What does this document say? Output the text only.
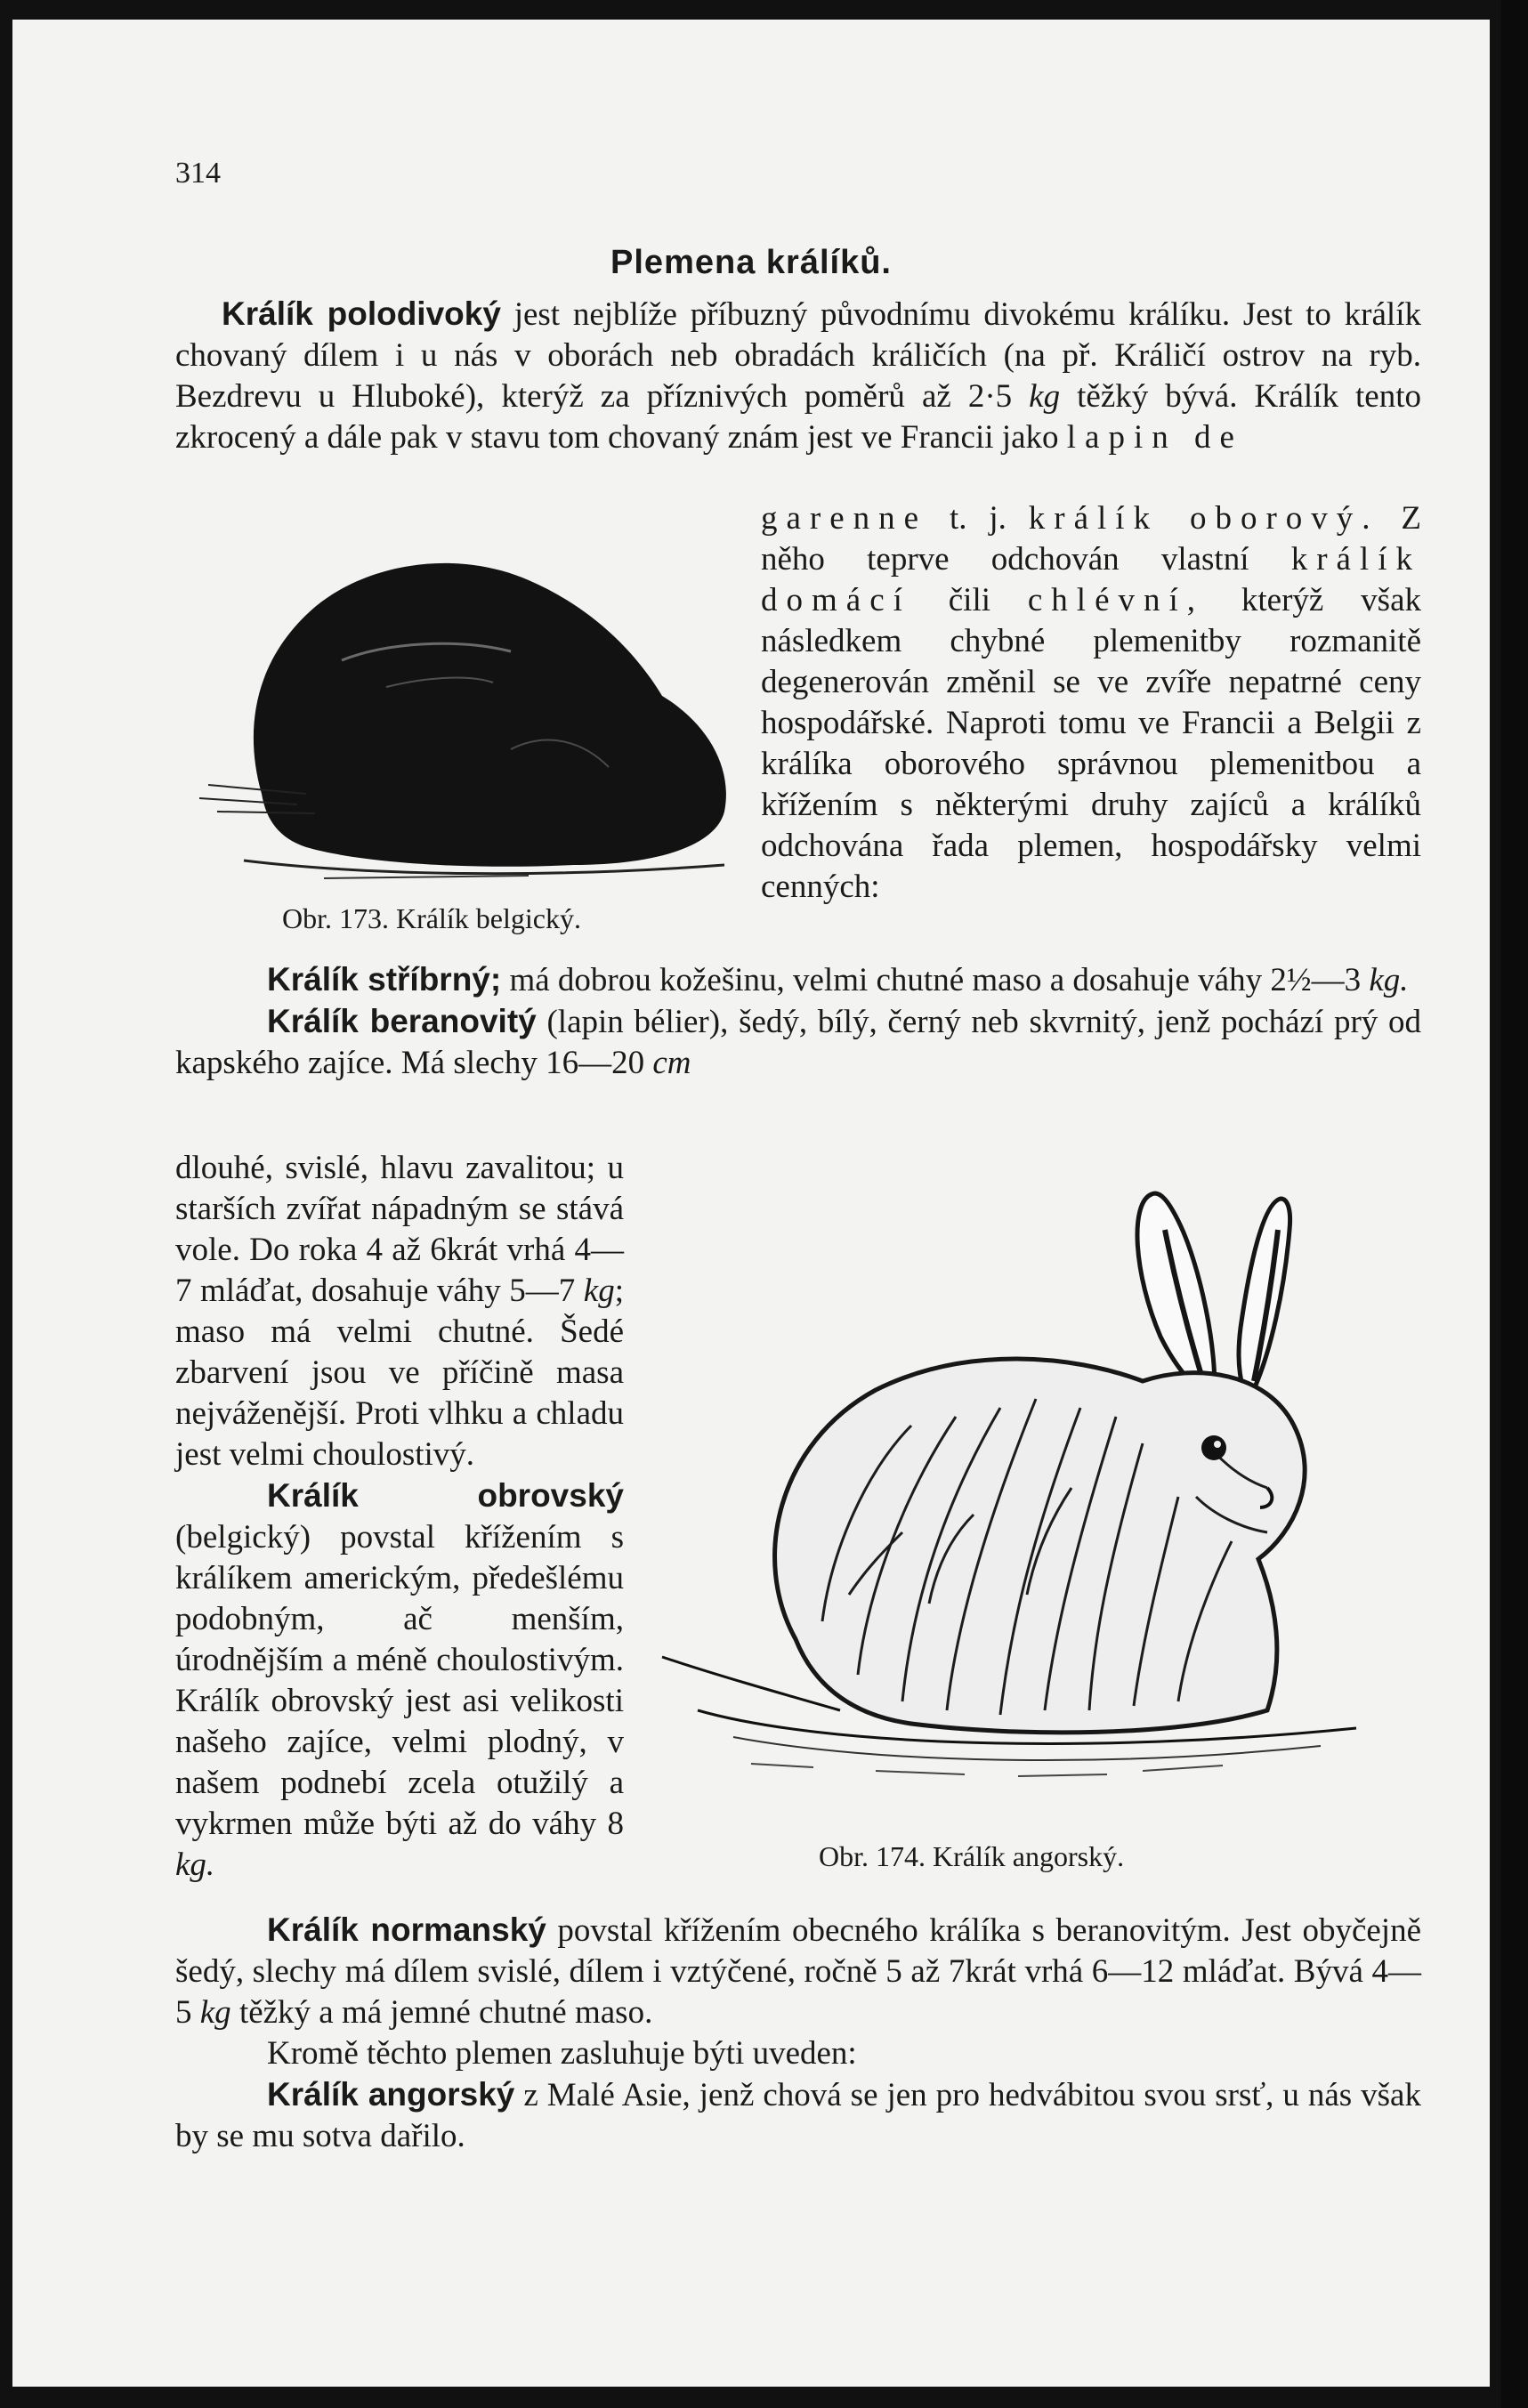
314
Plemena králíků.

Králík polodivoký jest nejblíže příbuzný původnímu divokému králíku. Jest to králík chovaný dílem i u nás v oborách neb obradách králičích (na př. Králičí ostrov na ryb. Bezdrevu u Hluboké), kterýž za příznivých poměrů až 2·5 kg těžký bývá. Králík tento zkrocený a dále pak v stavu tom chovaný znám jest ve Francii jako lapin de

garenne t. j. králík oborový. Z něho teprve odchován vlastní králík domácí čili chlévní, kterýž však následkem chybné plemenitby rozmanitě degenerován změnil se ve zvíře nepatrné ceny hospodářské. Naproti tomu ve Francii a Belgii z králíka oborového správnou plemenitbou a křížením s některými druhy zajíců a králíků odchována řada plemen, hospodářsky velmi cenných:

Obr. 173. Králík belgický.

Králík stříbrný; má dobrou kožešinu, velmi chutné maso a dosahuje váhy 2½—3 kg.

Králík beranovitý (lapin bélier), šedý, bílý, černý neb skvrnitý, jenž pochází prý od kapského zajíce. Má slechy 16—20 cm

dlouhé, svislé, hlavu zavalitou; u starších zvířat nápadným se stává vole. Do roka 4 až 6krát vrhá 4—7 mláďat, dosahuje váhy 5—7 kg; maso má velmi chutné. Šedé zbarvení jsou ve příčině masa nejváženější. Proti vlhku a chladu jest velmi choulostivý.

Králík obrovský (belgický) povstal křížením s králíkem americkým, předešlému podobným, ač menším, úrodnějším a méně choulostivým. Králík obrovský jest asi velikosti našeho zajíce, velmi plodný, v našem podnebí zcela otužilý a vykrmen může býti až do váhy 8 kg.	Obr. 174. Králík angorský.

Králík normanský povstal křížením obecného králíka s beranovitým. Jest obyčejně šedý, slechy má dílem svislé, dílem i vztýčené, ročně 5 až 7krát vrhá 6—12 mláďat. Bývá 4—5 kg těžký a má jemné chutné maso.

Kromě těchto plemen zasluhuje býti uveden:

Králík angorský z Malé Asie, jenž chová se jen pro hedvábitou svou srsť, u nás však by se mu sotva dařilo.
